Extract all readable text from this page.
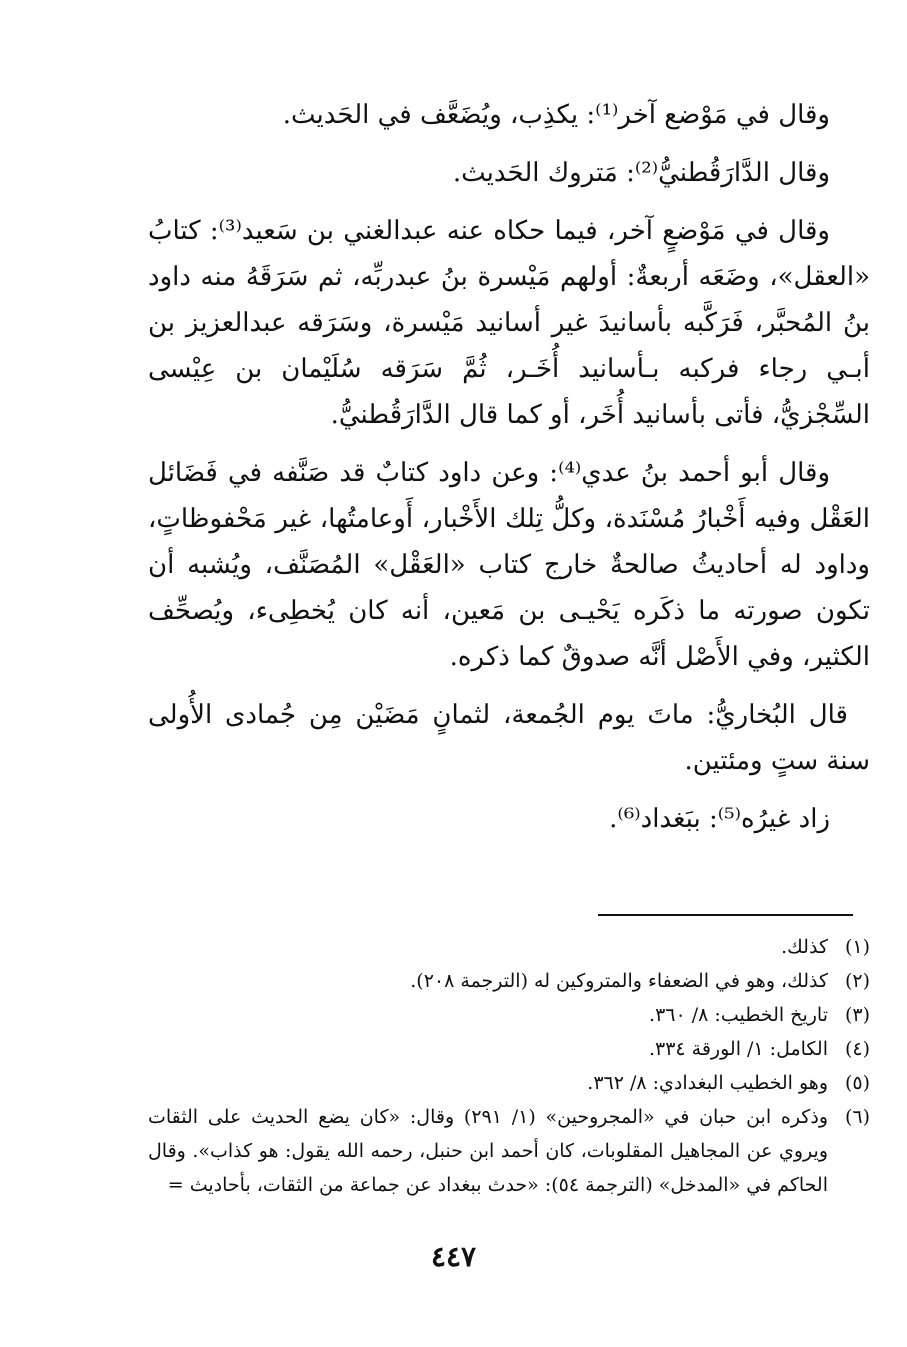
وقال في مَوْضع آخر⁽¹⁾: يكذِب، ويُضَعَّف في الحَديث.

وقال الدَّارَقُطنيُّ⁽²⁾: مَتروك الحَديث.

وقال في مَوْضعٍ آخر، فيما حكاه عنه عبدالغني بن سَعيد⁽³⁾: كتابُ «العقل»، وضَعَه أربعةٌ: أولهم مَيْسرة بنُ عبدربِّه، ثم سَرَقَهُ منه داود بنُ المُحبَّر، فَرَكَّبه بأسانيدَ غير أسانيد مَيْسرة، وسَرَقه عبدالعزيز بن أبـي رجاء فركبه بـأسانيد أُخَـر، ثُمَّ سَرَقه سُلَيْمان بن عِيْسى السِّجْزيُّ، فأتى بأسانيد أُخَر، أو كما قال الدَّارَقُطنيُّ.

وقال أبو أحمد بنُ عدي⁽⁴⁾: وعن داود كتابٌ قد صَنَّفه في فَضَائل العَقْل وفيه أَخْبارُ مُسْنَدة، وكلُّ تِلك الأَخْبار، أَوعامتُها، غير مَحْفوظاتٍ، وداود له أحاديثُ صالحةٌ خارج كتاب «العَقْل» المُصَنَّف، ويُشبه أن تكون صورته ما ذكَره يَحْيـى بن مَعين، أنه كان يُخطِىء، ويُصحِّف الكثير، وفي الأَصْل أنَّه صدوقٌ كما ذكره.

قال البُخاريُّ: ماتَ يوم الجُمعة، لثمانٍ مَضَيْن مِن جُمادى الأُولى سنة ستٍ ومئتين.

زاد غيرُه⁽⁵⁾: ببَغداد⁽⁶⁾.

(١)
كذلك.
(٢)
كذلك، وهو في الضعفاء والمتروكين له (الترجمة ٢٠٨).
(٣)
تاريخ الخطيب: ٨/ ٣٦٠.
(٤)
الكامل: ١/ الورقة ٣٣٤.
(٥)
وهو الخطيب البغدادي: ٨/ ٣٦٢.
(٦)
وذكره ابن حبان في «المجروحين» (١/ ٢٩١) وقال: «كان يضع الحديث على الثقات ويروي عن المجاهيل المقلوبات، كان أحمد ابن حنبل، رحمه الله يقول: هو كذاب». وقال الحاكم في «المدخل» (الترجمة ٥٤): «حدث ببغداد عن جماعة من الثقات، بأحاديث =
٤٤٧
